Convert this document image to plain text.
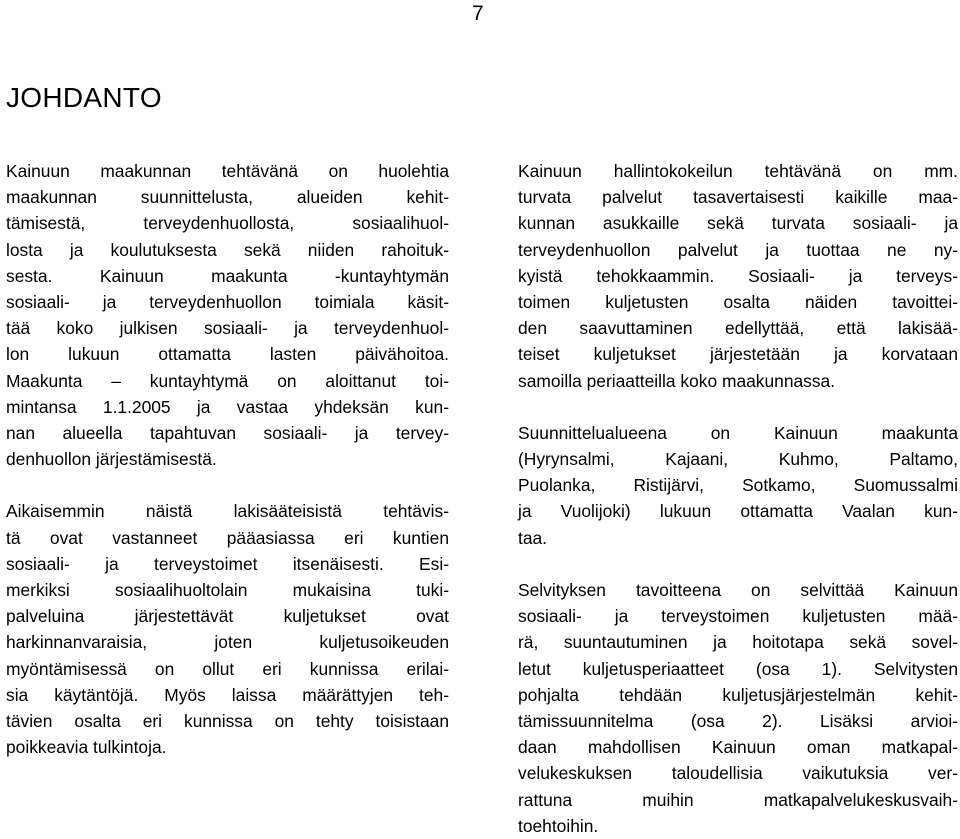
7
JOHDANTO
Kainuun maakunnan tehtävänä on huolehtia
maakunnan suunnittelusta, alueiden kehit-
tämisestä, terveydenhuollosta, sosiaalihuol-
losta ja koulutuksesta sekä niiden rahoituk-
sesta. Kainuun maakunta -kuntayhtymän
sosiaali- ja terveydenhuollon toimiala käsit-
tää koko julkisen sosiaali- ja terveydenhuol-
lon lukuun ottamatta lasten päivähoitoa.
Maakunta – kuntayhtymä on aloittanut toi-
mintansa 1.1.2005 ja vastaa yhdeksän kun-
nan alueella tapahtuvan sosiaali- ja tervey-
denhuollon järjestämisestä.
Aikaisemmin näistä lakisääteisistä tehtävis-
tä ovat vastanneet pääasiassa eri kuntien
sosiaali- ja terveystoimet itsenäisesti. Esi-
merkiksi sosiaalihuoltolain mukaisina tuki-
palveluina järjestettävät kuljetukset ovat
harkinnanvaraisia, joten kuljetusoikeuden
myöntämisessä on ollut eri kunnissa erilai-
sia käytäntöjä. Myös laissa määrättyjen teh-
tävien osalta eri kunnissa on tehty toisistaan
poikkeavia tulkintoja.
Kainuun hallintokokeilun tehtävänä on mm.
turvata palvelut tasavertaisesti kaikille maa-
kunnan asukkaille sekä turvata sosiaali- ja
terveydenhuollon palvelut ja tuottaa ne ny-
kyistä tehokkaammin. Sosiaali- ja terveys-
toimen kuljetusten osalta näiden tavoittei-
den saavuttaminen edellyttää, että lakisää-
teiset kuljetukset järjestetään ja korvataan
samoilla periaatteilla koko maakunnassa.
Suunnittelualueena on Kainuun maakunta
(Hyrynsalmi, Kajaani, Kuhmo, Paltamo,
Puolanka, Ristijärvi, Sotkamo, Suomussalmi
ja Vuolijoki) lukuun ottamatta Vaalan kun-
taa.
Selvityksen tavoitteena on selvittää Kainuun
sosiaali- ja terveystoimen kuljetusten mää-
rä, suuntautuminen ja hoitotapa sekä sovel-
letut kuljetusperiaatteet (osa 1). Selvitysten
pohjalta tehdään kuljetusjärjestelmän kehit-
tämissuunnitelma (osa 2). Lisäksi arvioi-
daan mahdollisen Kainuun oman matkapal-
velukeskuksen taloudellisia vaikutuksia ver-
rattuna muihin matkapalvelukeskusvaih-
toehtoihin.
